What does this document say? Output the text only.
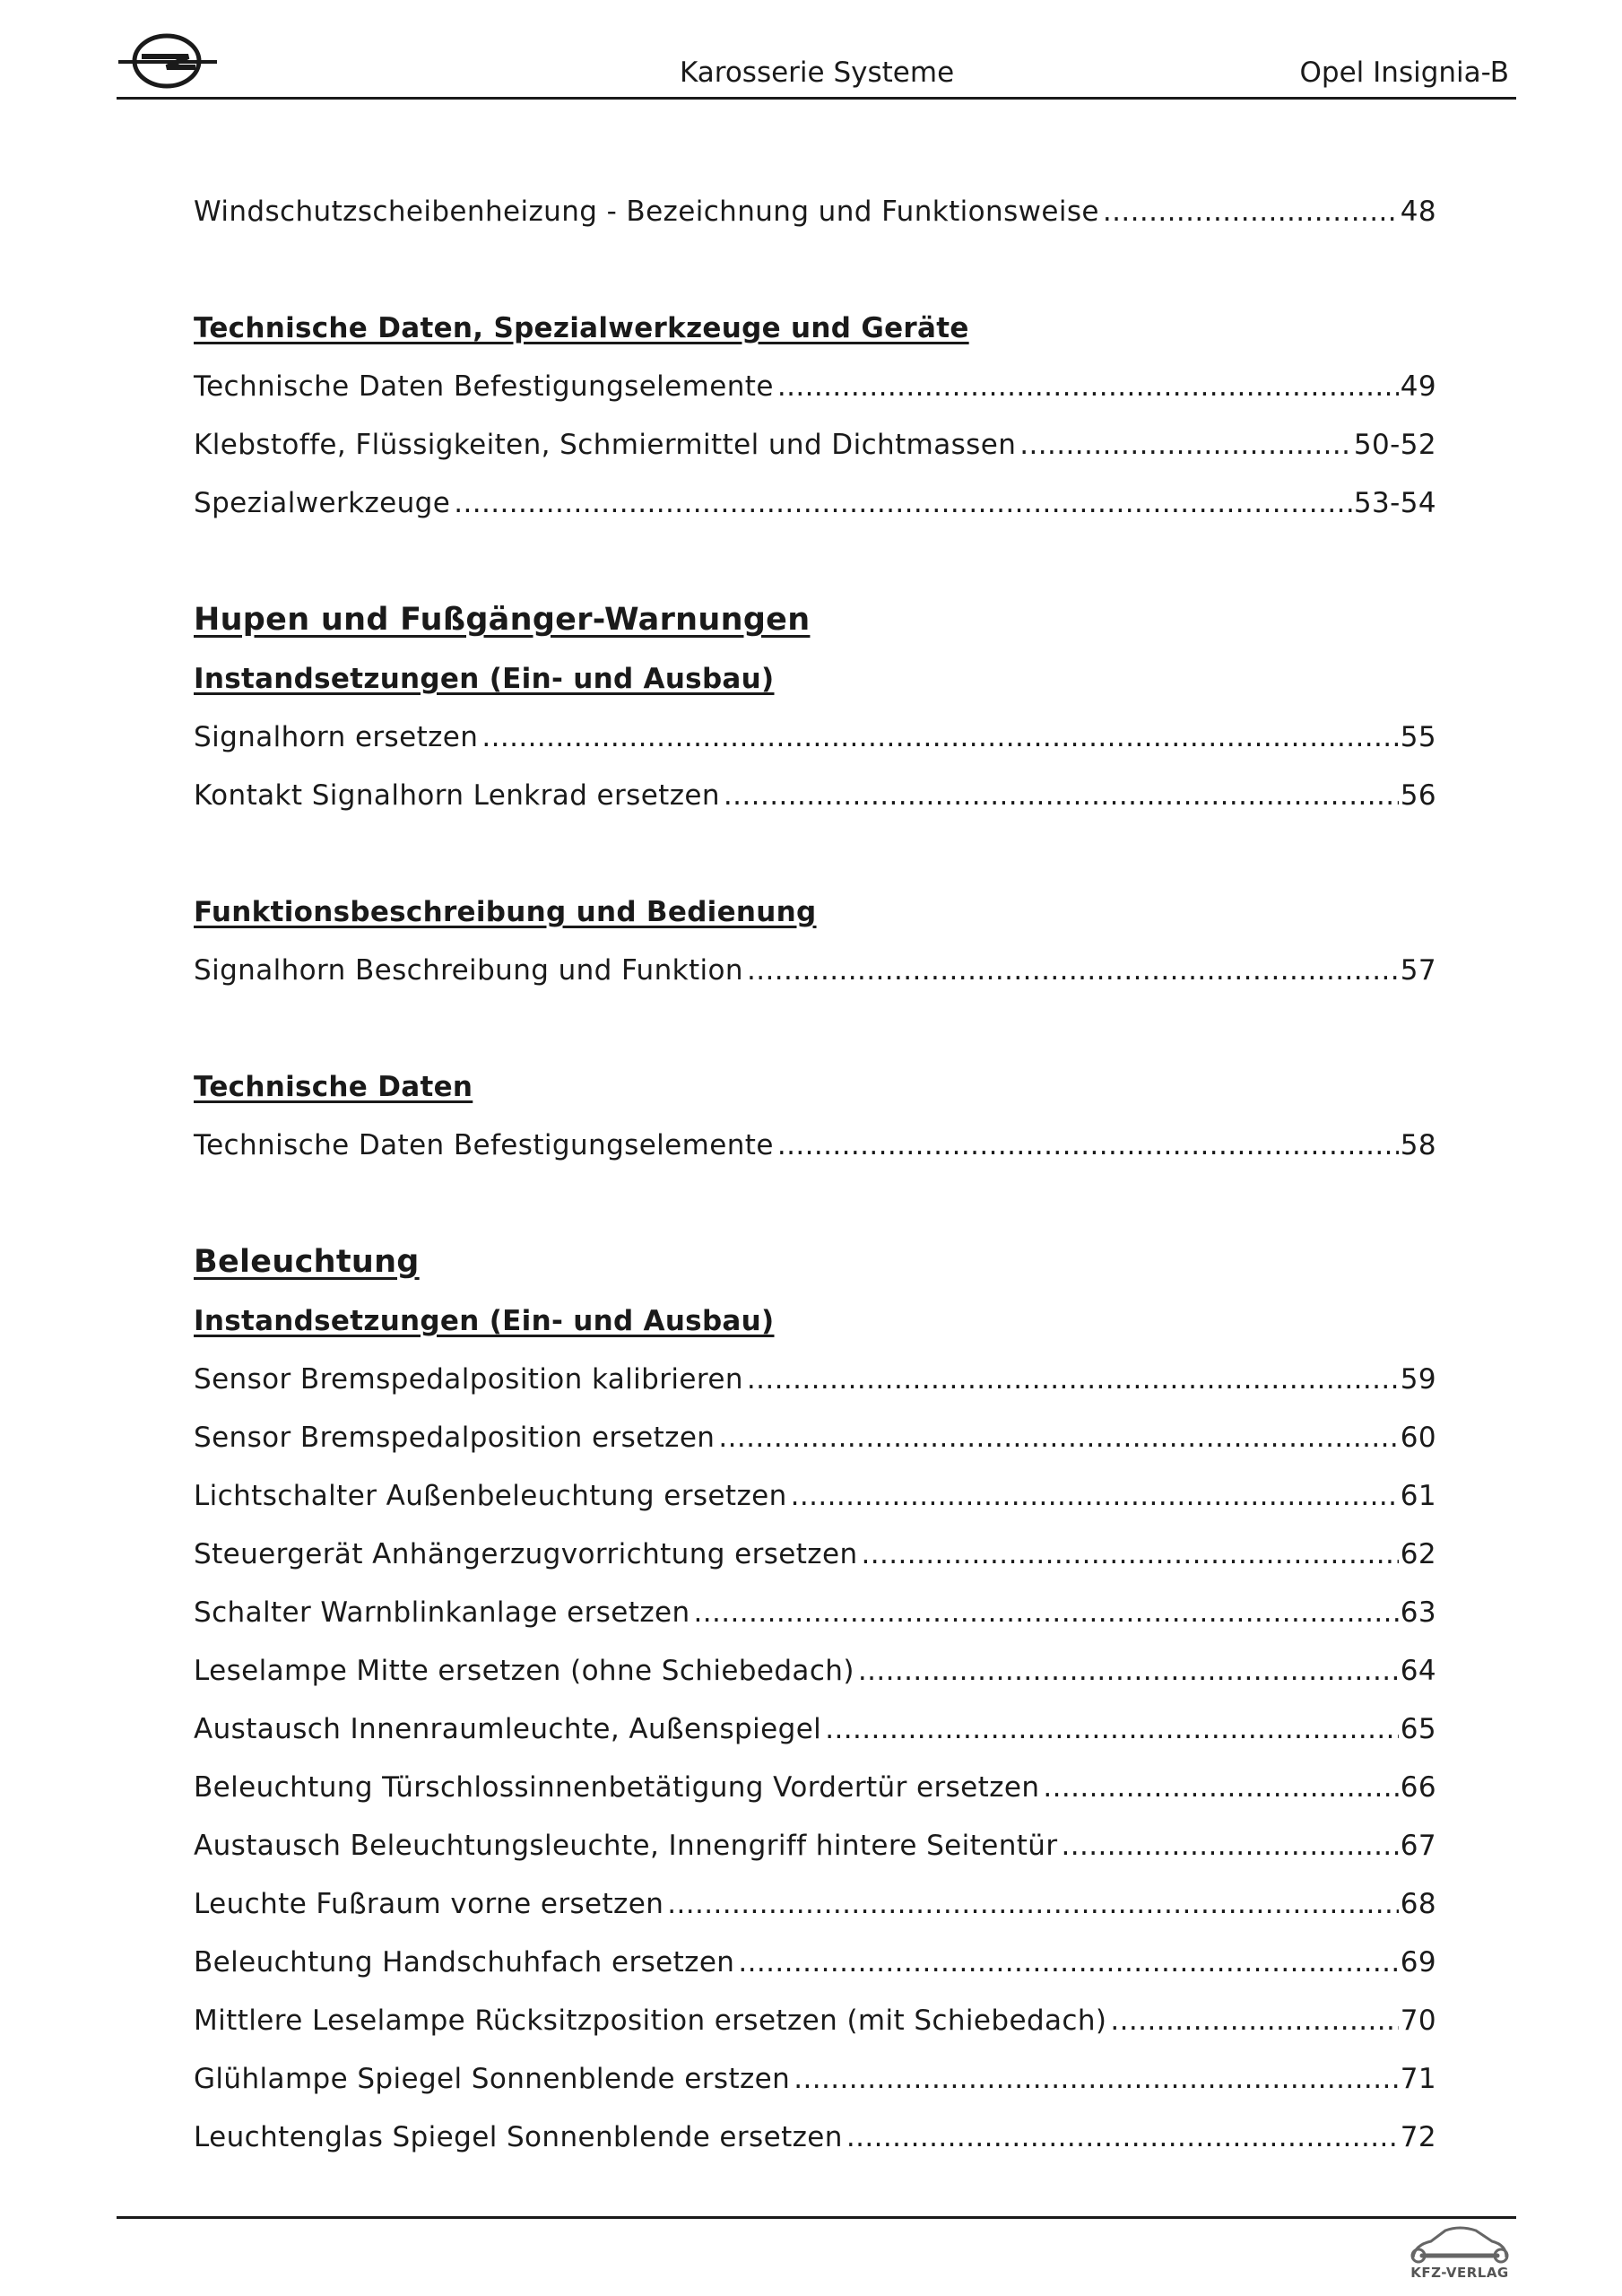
Karosserie Systeme	Opel Insignia-B
Windschutzscheibenheizung - Bezeichnung und Funktionsweise .....	48
Technische Daten, Spezialwerkzeuge und Geräte
Technische Daten Befestigungselemente .....	49
Klebstoffe, Flüssigkeiten, Schmiermittel und Dichtmassen .....	50-52
Spezialwerkzeuge .....	53-54
Hupen und Fußgänger-Warnungen
Instandsetzungen (Ein- und Ausbau)
Signalhorn ersetzen .....	55
Kontakt Signalhorn Lenkrad ersetzen .....	56
Funktionsbeschreibung und Bedienung
Signalhorn Beschreibung und Funktion .....	57
Technische Daten
Technische Daten Befestigungselemente .....	58
Beleuchtung
Instandsetzungen (Ein- und Ausbau)
Sensor Bremspedalposition kalibrieren .....	59
Sensor Bremspedalposition ersetzen .....	60
Lichtschalter Außenbeleuchtung ersetzen .....	61
Steuergerät Anhängerzugvorrichtung ersetzen .....	62
Schalter Warnblinkanlage ersetzen .....	63
Leselampe Mitte ersetzen (ohne Schiebedach) .....	64
Austausch Innenraumleuchte, Außenspiegel .....	65
Beleuchtung Türschlossinnenbetätigung Vordertür ersetzen .....	66
Austausch Beleuchtungsleuchte, Innengriff hintere Seitentür .....	67
Leuchte Fußraum vorne ersetzen .....	68
Beleuchtung Handschuhfach ersetzen .....	69
Mittlere Leselampe Rücksitzposition ersetzen (mit Schiebedach) .....	70
Glühlampe Spiegel Sonnenblende erstzen .....	71
Leuchtenglas Spiegel Sonnenblende ersetzen .....	72
KFZ-VERLAG
